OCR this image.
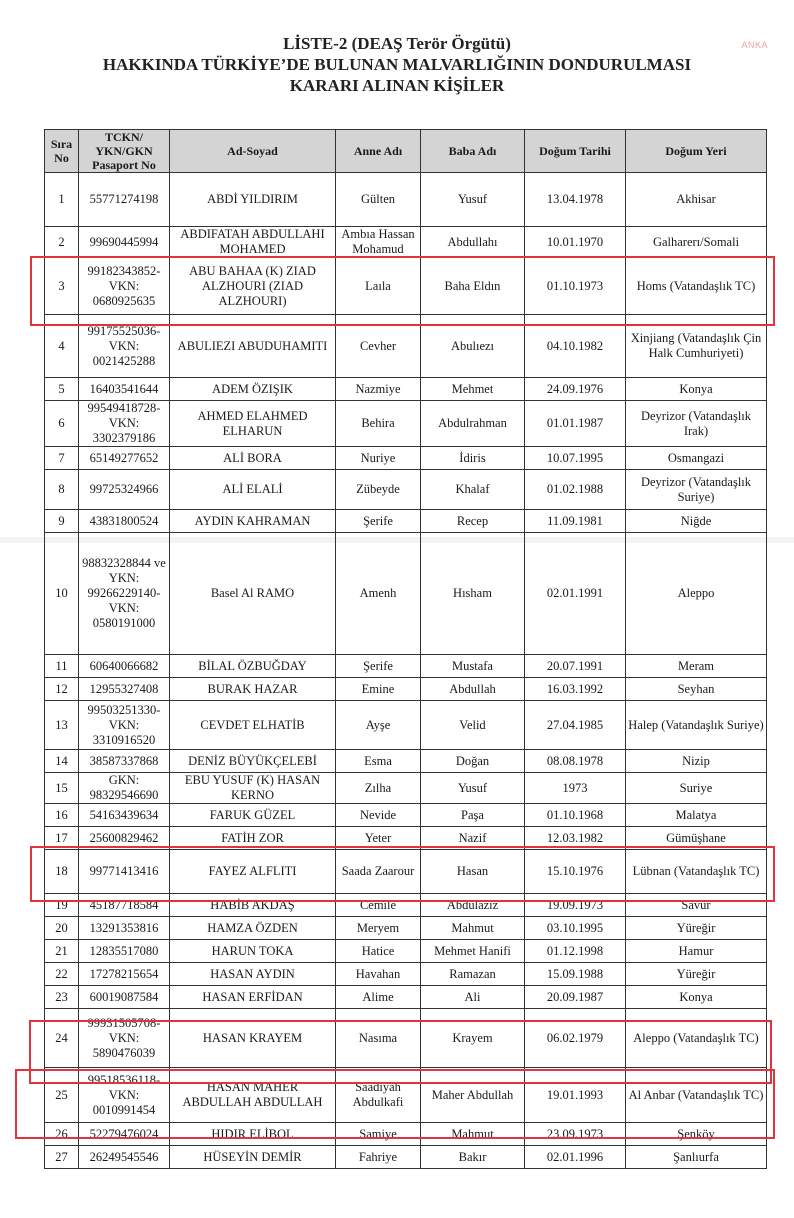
ANKA
LİSTE-2 (DEAŞ Terör Örgütü)
HAKKINDA TÜRKİYE’DE BULUNAN MALVARLIĞININ DONDURULMASI
KARARI ALINAN KİŞİLER
Sıra No	TCKN/ YKN/GKN Pasaport No	Ad-Soyad	Anne Adı	Baba Adı	Doğum Tarihi	Doğum Yeri
1	55771274198	ABDİ YILDIRIM	Gülten	Yusuf	13.04.1978	Akhisar
2	99690445994	ABDIFATAH ABDULLAHI MOHAMED	Ambıa Hassan Mohamud	Abdullahı	10.01.1970	Galharerı/Somali
3	99182343852- VKN: 0680925635	ABU BAHAA (K) ZIAD ALZHOURI (ZIAD ALZHOURI)	Laıla	Baha Eldın	01.10.1973	Homs (Vatandaşlık TC)
4	99175525036- VKN: 0021425288	ABULIEZI ABUDUHAMITI	Cevher	Abulıezı	04.10.1982	Xinjiang (Vatandaşlık Çin Halk Cumhuriyeti)
5	16403541644	ADEM ÖZIŞIK	Nazmiye	Mehmet	24.09.1976	Konya
6	99549418728- VKN: 3302379186	AHMED ELAHMED ELHARUN	Behira	Abdulrahman	01.01.1987	Deyrizor (Vatandaşlık Irak)
7	65149277652	ALİ BORA	Nuriye	İdiris	10.07.1995	Osmangazi
8	99725324966	ALİ ELALİ	Zübeyde	Khalaf	01.02.1988	Deyrizor (Vatandaşlık Suriye)
9	43831800524	AYDIN KAHRAMAN	Şerife	Recep	11.09.1981	Niğde
10	98832328844 ve YKN: 99266229140- VKN: 0580191000	Basel Al RAMO	Amenh	Hısham	02.01.1991	Aleppo
11	60640066682	BİLAL ÖZBUĞDAY	Şerife	Mustafa	20.07.1991	Meram
12	12955327408	BURAK HAZAR	Emine	Abdullah	16.03.1992	Seyhan
13	99503251330- VKN: 3310916520	CEVDET ELHATİB	Ayşe	Velid	27.04.1985	Halep (Vatandaşlık Suriye)
14	38587337868	DENİZ BÜYÜKÇELEBİ	Esma	Doğan	08.08.1978	Nizip
15	GKN: 98329546690	EBU YUSUF (K) HASAN KERNO	Zılha	Yusuf	1973	Suriye
16	54163439634	FARUK GÜZEL	Nevide	Paşa	01.10.1968	Malatya
17	25600829462	FATİH ZOR	Yeter	Nazif	12.03.1982	Gümüşhane
18	99771413416	FAYEZ ALFLITI	Saada Zaarour	Hasan	15.10.1976	Lübnan (Vatandaşlık TC)
19	45187718584	HABİB AKDAŞ	Cemile	Abdulaziz	19.09.1973	Savur
20	13291353816	HAMZA ÖZDEN	Meryem	Mahmut	03.10.1995	Yüreğir
21	12835517080	HARUN TOKA	Hatice	Mehmet Hanifi	01.12.1998	Hamur
22	17278215654	HASAN AYDIN	Havahan	Ramazan	15.09.1988	Yüreğir
23	60019087584	HASAN ERFİDAN	Alime	Ali	20.09.1987	Konya
24	99931505708- VKN: 5890476039	HASAN KRAYEM	Nasıma	Krayem	06.02.1979	Aleppo (Vatandaşlık TC)
25	99518536118- VKN: 0010991454	HASAN MAHER ABDULLAH ABDULLAH	Saadıyah Abdulkafi	Maher Abdullah	19.01.1993	Al Anbar (Vatandaşlık TC)
26	52279476024	HIDIR ELİBOL	Samiye	Mahmut	23.09.1973	Şenköy
27	26249545546	HÜSEYİN DEMİR	Fahriye	Bakır	02.01.1996	Şanlıurfa
